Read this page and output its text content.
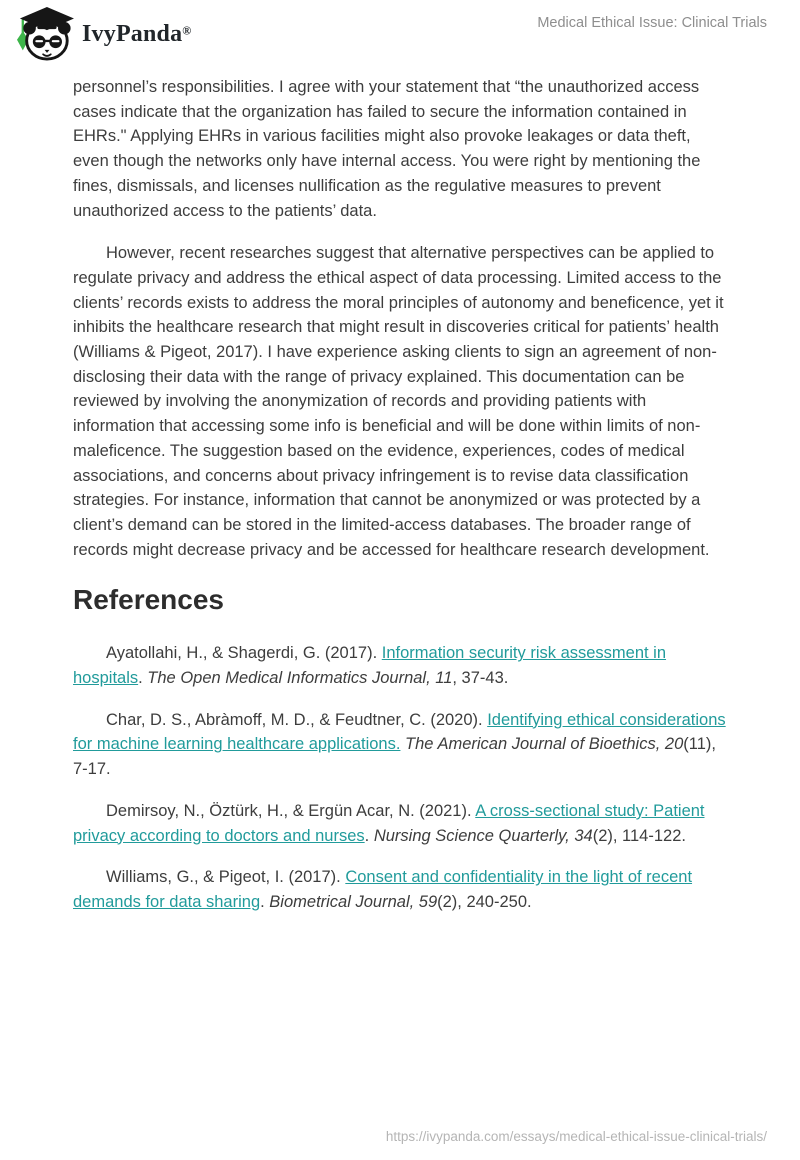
IvyPanda®	Medical Ethical Issue: Clinical Trials

personnel’s responsibilities. I agree with your statement that “the unauthorized access cases indicate that the organization has failed to secure the information contained in EHRs." Applying EHRs in various facilities might also provoke leakages or data theft, even though the networks only have internal access. You were right by mentioning the fines, dismissals, and licenses nullification as the regulative measures to prevent unauthorized access to the patients’ data.

However, recent researches suggest that alternative perspectives can be applied to regulate privacy and address the ethical aspect of data processing. Limited access to the clients’ records exists to address the moral principles of autonomy and beneficence, yet it inhibits the healthcare research that might result in discoveries critical for patients’ health (Williams & Pigeot, 2017). I have experience asking clients to sign an agreement of non-disclosing their data with the range of privacy explained. This documentation can be reviewed by involving the anonymization of records and providing patients with information that accessing some info is beneficial and will be done within limits of non-maleficence. The suggestion based on the evidence, experiences, codes of medical associations, and concerns about privacy infringement is to revise data classification strategies. For instance, information that cannot be anonymized or was protected by a client’s demand can be stored in the limited-access databases. The broader range of records might decrease privacy and be accessed for healthcare research development.

References

Ayatollahi, H., & Shagerdi, G. (2017). Information security risk assessment in hospitals. The Open Medical Informatics Journal, 11, 37-43.

Char, D. S., Abràmoff, M. D., & Feudtner, C. (2020). Identifying ethical considerations for machine learning healthcare applications. The American Journal of Bioethics, 20(11), 7-17.

Demirsoy, N., Öztürk, H., & Ergün Acar, N. (2021). A cross-sectional study: Patient privacy according to doctors and nurses. Nursing Science Quarterly, 34(2), 114-122.

Williams, G., & Pigeot, I. (2017). Consent and confidentiality in the light of recent demands for data sharing. Biometrical Journal, 59(2), 240-250.

https://ivypanda.com/essays/medical-ethical-issue-clinical-trials/
